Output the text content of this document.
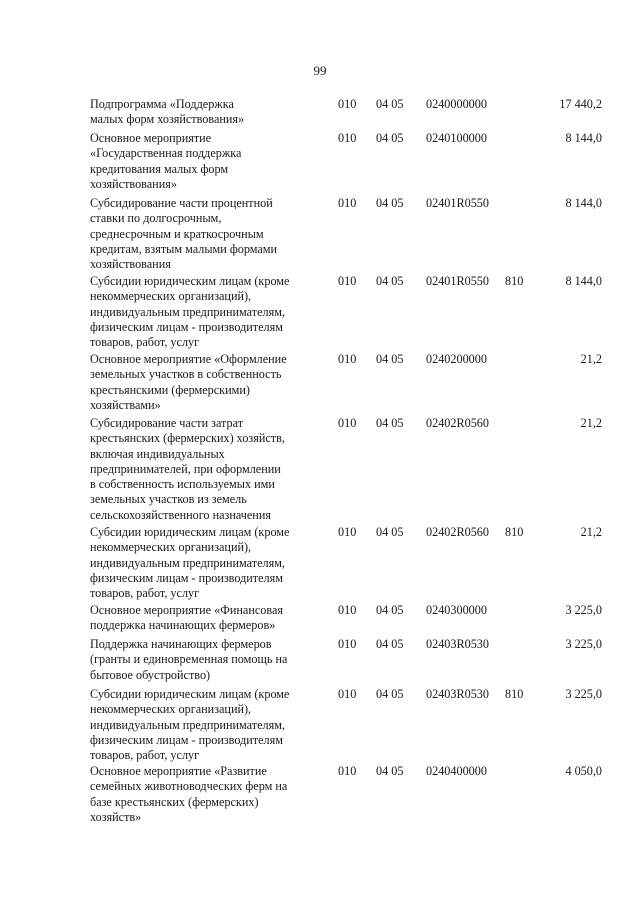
99
Подпрограмма «Поддержка
малых форм хозяйствования»
010 04 05 0240000000	17 440,2
Основное мероприятие
«Государственная поддержка
кредитования малых форм
хозяйствования»
010 04 05 0240100000	8 144,0
Субсидирование части процентной
ставки по долгосрочным,
среднесрочным и краткосрочным
кредитам, взятым малыми формами
хозяйствования
010 04 05 02401R0550	8 144,0
Субсидии юридическим лицам (кроме
некоммерческих организаций),
индивидуальным предпринимателям,
физическим лицам - производителям
товаров, работ, услуг
010 04 05 02401R0550 810	8 144,0
Основное мероприятие «Оформление
земельных участков в собственность
крестьянскими (фермерскими)
хозяйствами»
010 04 05 0240200000	21,2
Субсидирование части затрат
крестьянских (фермерских) хозяйств,
включая индивидуальных
предпринимателей, при оформлении
в собственность используемых ими
земельных участков из земель
сельскохозяйственного назначения
010 04 05 02402R0560	21,2
Субсидии юридическим лицам (кроме
некоммерческих организаций),
индивидуальным предпринимателям,
физическим лицам - производителям
товаров, работ, услуг
010 04 05 02402R0560 810	21,2
Основное мероприятие «Финансовая
поддержка начинающих фермеров»
010 04 05 0240300000	3 225,0
Поддержка начинающих фермеров
(гранты и единовременная помощь на
бытовое обустройство)
010 04 05 02403R0530	3 225,0
Субсидии юридическим лицам (кроме
некоммерческих организаций),
индивидуальным предпринимателям,
физическим лицам - производителям
товаров, работ, услуг
010 04 05 02403R0530 810	3 225,0
Основное мероприятие «Развитие
семейных животноводческих ферм на
базе крестьянских (фермерских)
хозяйств»
010 04 05 0240400000	4 050,0
